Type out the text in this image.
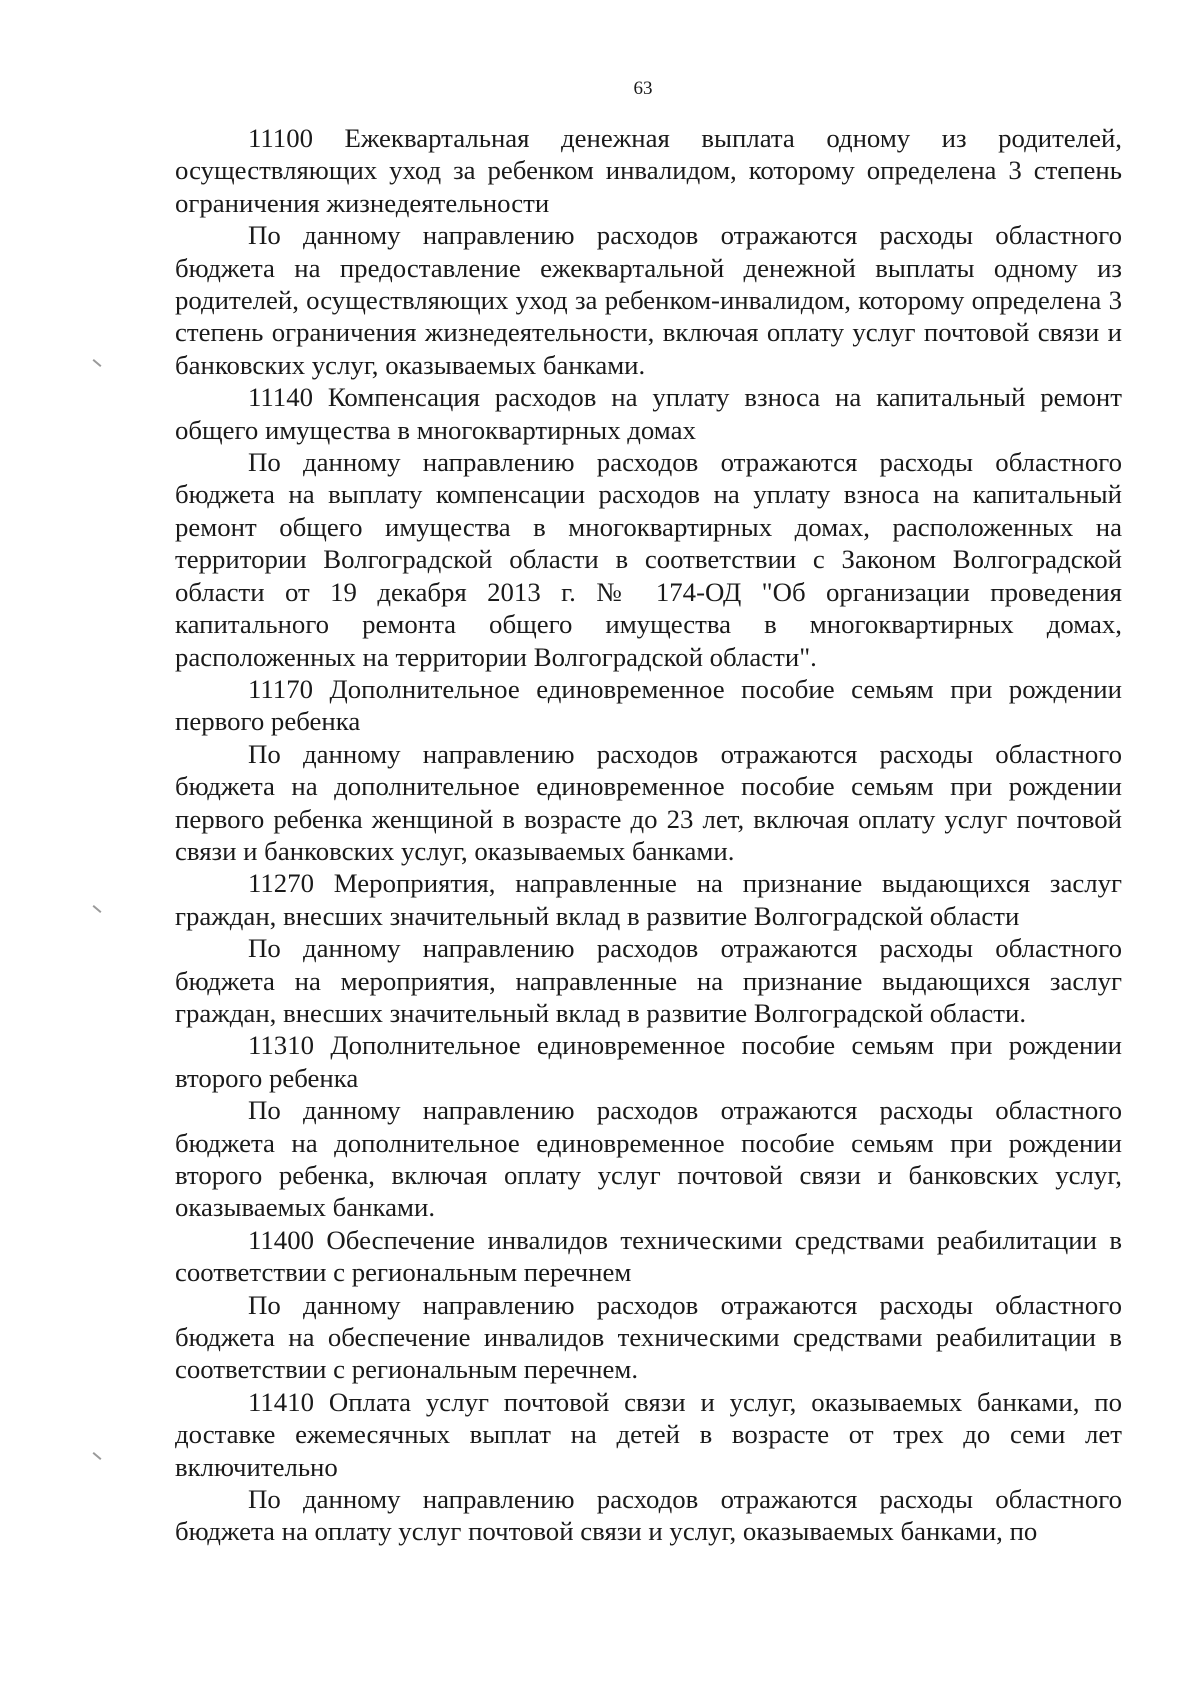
63

11100 Ежеквартальная денежная выплата одному из родителей, осуществляющих уход за ребенком инвалидом, которому определена 3 степень ограничения жизнедеятельности

По данному направлению расходов отражаются расходы областного бюджета на предоставление ежеквартальной денежной выплаты одному из родителей, осуществляющих уход за ребенком-инвалидом, которому определена 3 степень ограничения жизнедеятельности, включая оплату услуг почтовой связи и банковских услуг, оказываемых банками.

11140 Компенсация расходов на уплату взноса на капитальный ремонт общего имущества в многоквартирных домах

По данному направлению расходов отражаются расходы областного бюджета на выплату компенсации расходов на уплату взноса на капитальный ремонт общего имущества в многоквартирных домах, расположенных на территории Волгоградской области в соответствии с Законом Волгоградской области от 19 декабря 2013 г. № 174-ОД "Об организации проведения капитального ремонта общего имущества в многоквартирных домах, расположенных на территории Волгоградской области".

11170 Дополнительное единовременное пособие семьям при рождении первого ребенка

По данному направлению расходов отражаются расходы областного бюджета на дополнительное единовременное пособие семьям при рождении первого ребенка женщиной в возрасте до 23 лет, включая оплату услуг почтовой связи и банковских услуг, оказываемых банками.

11270 Мероприятия, направленные на признание выдающихся заслуг граждан, внесших значительный вклад в развитие Волгоградской области

По данному направлению расходов отражаются расходы областного бюджета на мероприятия, направленные на признание выдающихся заслуг граждан, внесших значительный вклад в развитие Волгоградской области.

11310 Дополнительное единовременное пособие семьям при рождении второго ребенка

По данному направлению расходов отражаются расходы областного бюджета на дополнительное единовременное пособие семьям при рождении второго ребенка, включая оплату услуг почтовой связи и банковских услуг, оказываемых банками.

11400 Обеспечение инвалидов техническими средствами реабилитации в соответствии с региональным перечнем

По данному направлению расходов отражаются расходы областного бюджета на обеспечение инвалидов техническими средствами реабилитации в соответствии с региональным перечнем.

11410 Оплата услуг почтовой связи и услуг, оказываемых банками, по доставке ежемесячных выплат на детей в возрасте от трех до семи лет включительно

По данному направлению расходов отражаются расходы областного бюджета на оплату услуг почтовой связи и услуг, оказываемых банками, по
